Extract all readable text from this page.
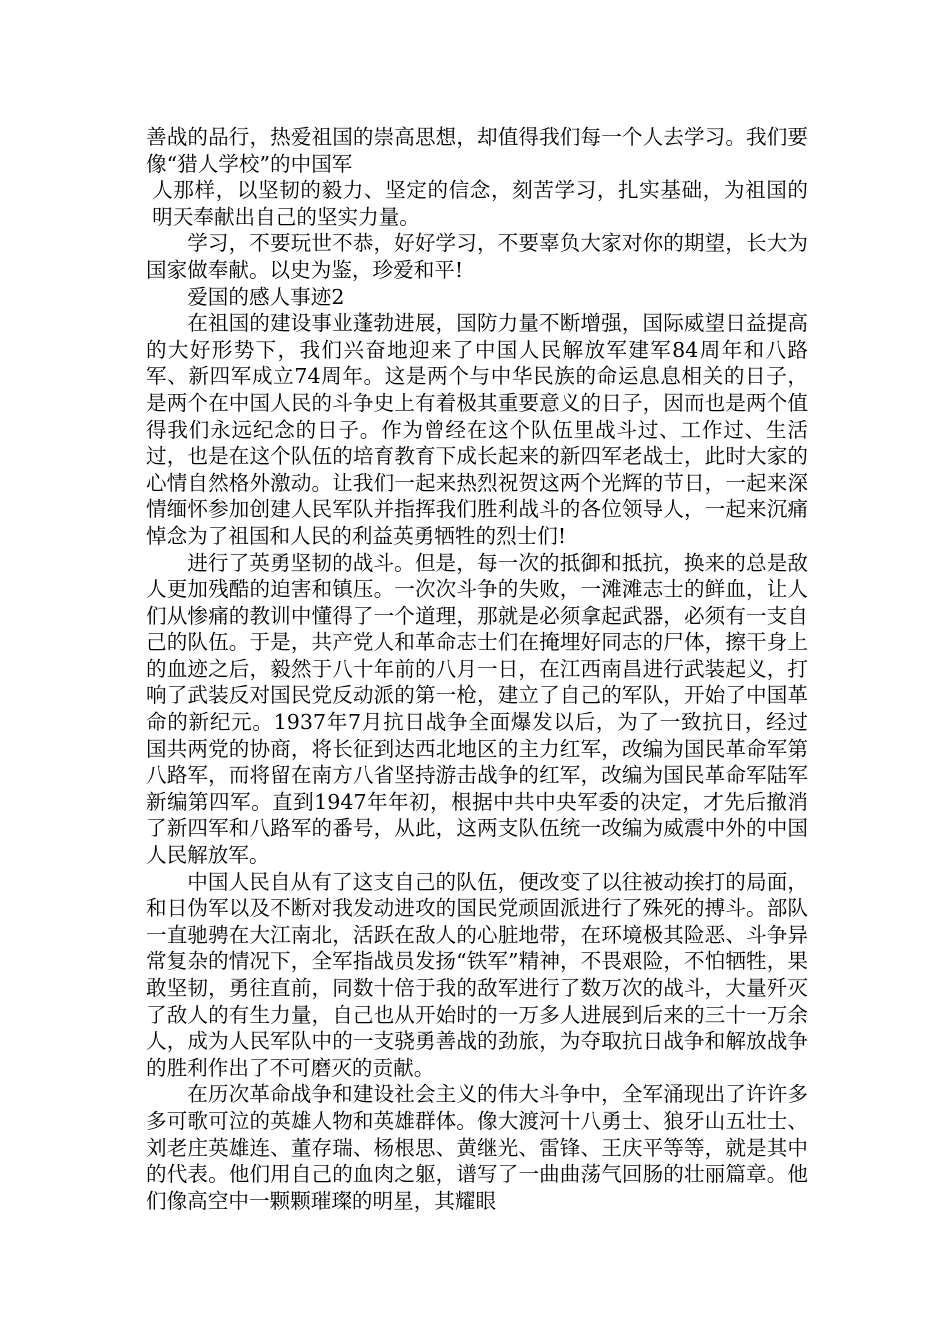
善战的品行，热爱祖国的崇高思想，却值得我们每一个人去学习。我们要像“猎人学校”的中国军

人那样，以坚韧的毅力、坚定的信念，刻苦学习，扎实基础，为祖国的明天奉献出自己的坚实力量。

学习，不要玩世不恭，好好学习，不要辜负大家对你的期望，长大为国家做奉献。以史为鉴，珍爱和平!

爱国的感人事迹2

在祖国的建设事业蓬勃进展，国防力量不断增强，国际威望日益提高的大好形势下，我们兴奋地迎来了中国人民解放军建军84周年和八路军、新四军成立74周年。这是两个与中华民族的命运息息相关的日子，是两个在中国人民的斗争史上有着极其重要意义的日子，因而也是两个值得我们永远纪念的日子。作为曾经在这个队伍里战斗过、工作过、生活过，也是在这个队伍的培育教育下成长起来的新四军老战士，此时大家的心情自然格外激动。让我们一起来热烈祝贺这两个光辉的节日，一起来深情缅怀参加创建人民军队并指挥我们胜利战斗的各位领导人，一起来沉痛悼念为了祖国和人民的利益英勇牺牲的烈士们!

进行了英勇坚韧的战斗。但是，每一次的抵御和抵抗，换来的总是敌人更加残酷的迫害和镇压。一次次斗争的失败，一滩滩志士的鲜血，让人们从惨痛的教训中懂得了一个道理，那就是必须拿起武器，必须有一支自己的队伍。于是，共产党人和革命志士们在掩埋好同志的尸体，擦干身上的血迹之后，毅然于八十年前的八月一日，在江西南昌进行武装起义，打响了武装反对国民党反动派的第一枪，建立了自己的军队，开始了中国革命的新纪元。1937年7月抗日战争全面爆发以后，为了一致抗日，经过国共两党的协商，将长征到达西北地区的主力红军，改编为国民革命军第八路军，而将留在南方八省坚持游击战争的红军，改编为国民革命军陆军新编第四军。直到1947年年初，根据中共中央军委的决定，才先后撤消了新四军和八路军的番号，从此，这两支队伍统一改编为威震中外的中国人民解放军。

中国人民自从有了这支自己的队伍，便改变了以往被动挨打的局面，和日伪军以及不断对我发动进攻的国民党顽固派进行了殊死的搏斗。部队一直驰骋在大江南北，活跃在敌人的心脏地带，在环境极其险恶、斗争异常复杂的情况下，全军指战员发扬“铁军”精神，不畏艰险，不怕牺牲，果敢坚韧，勇往直前，同数十倍于我的敌军进行了数万次的战斗，大量歼灭了敌人的有生力量，自己也从开始时的一万多人进展到后来的三十一万余人，成为人民军队中的一支骁勇善战的劲旅，为夺取抗日战争和解放战争的胜利作出了不可磨灭的贡献。

在历次革命战争和建设社会主义的伟大斗争中，全军涌现出了许许多多可歌可泣的英雄人物和英雄群体。像大渡河十八勇士、狼牙山五壮士、刘老庄英雄连、董存瑞、杨根思、黄继光、雷锋、王庆平等等，就是其中的代表。他们用自己的血肉之躯，谱写了一曲曲荡气回肠的壮丽篇章。他们像高空中一颗颗璀璨的明星，其耀眼
